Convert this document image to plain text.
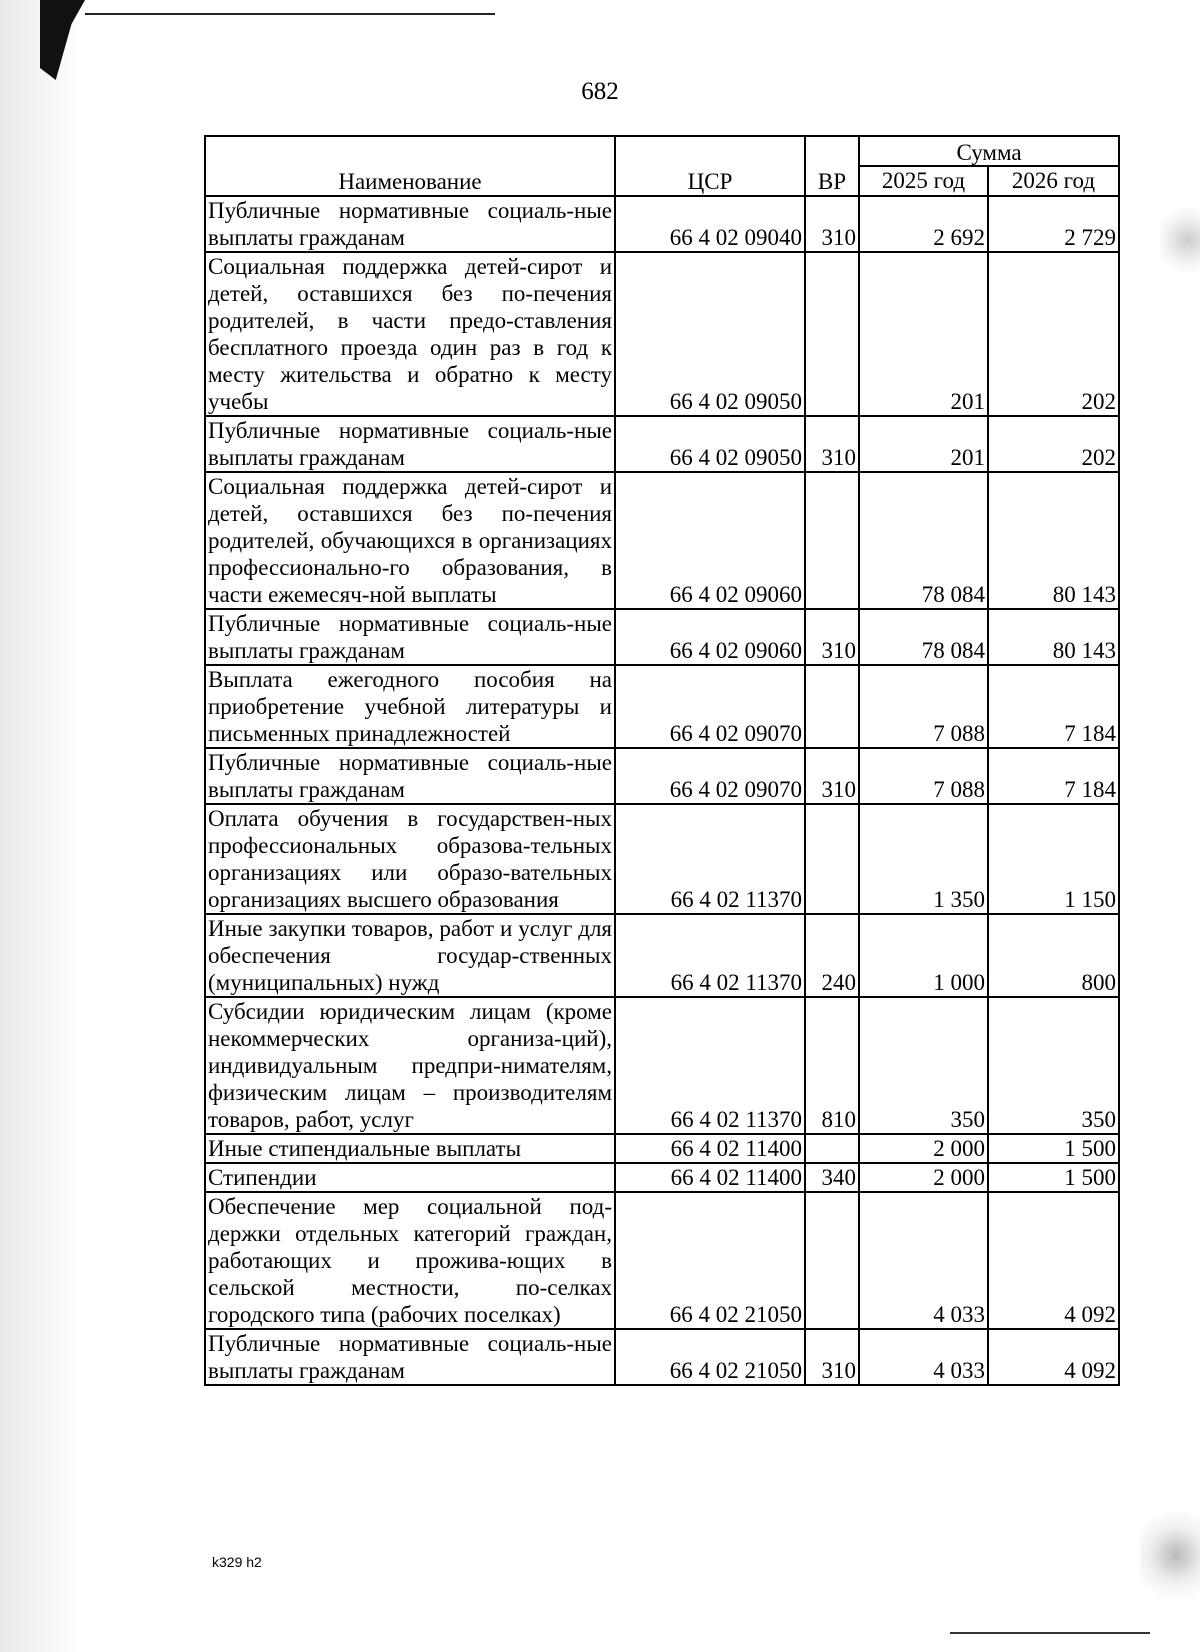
682
Наименование	ЦСР	ВР	Сумма	
			2025 год	2026 год
Публичные нормативные социаль-ные выплаты гражданам	66 4 02 09040	310	2 692	2 729
Социальная поддержка детей-сирот и детей, оставшихся без по-печения родителей, в части предо-ставления бесплатного проезда один раз в год к месту жительства и обратно к месту учебы	66 4 02 09050		201	202
Публичные нормативные социаль-ные выплаты гражданам	66 4 02 09050	310	201	202
Социальная поддержка детей-сирот и детей, оставшихся без по-печения родителей, обучающихся в организациях профессионально-го образования, в части ежемесяч-ной выплаты	66 4 02 09060		78 084	80 143
Публичные нормативные социаль-ные выплаты гражданам	66 4 02 09060	310	78 084	80 143
Выплата ежегодного пособия на приобретение учебной литературы и письменных принадлежностей	66 4 02 09070		7 088	7 184
Публичные нормативные социаль-ные выплаты гражданам	66 4 02 09070	310	7 088	7 184
Оплата обучения в государствен-ных профессиональных образова-тельных организациях или образо-вательных организациях высшего образования	66 4 02 11370		1 350	1 150
Иные закупки товаров, работ и услуг для обеспечения государ-ственных (муниципальных) нужд	66 4 02 11370	240	1 000	800
Субсидии юридическим лицам (кроме некоммерческих организа-ций), индивидуальным предпри-нимателям, физическим лицам – производителям товаров, работ, услуг	66 4 02 11370	810	350	350
Иные стипендиальные выплаты	66 4 02 11400		2 000	1 500
Стипендии	66 4 02 11400	340	2 000	1 500
Обеспечение мер социальной под-держки отдельных категорий граждан, работающих и прожива-ющих в сельской местности, по-селках городского типа (рабочих поселках)	66 4 02 21050		4 033	4 092
Публичные нормативные социаль-ные выплаты гражданам	66 4 02 21050	310	4 033	4 092
k329 h2
